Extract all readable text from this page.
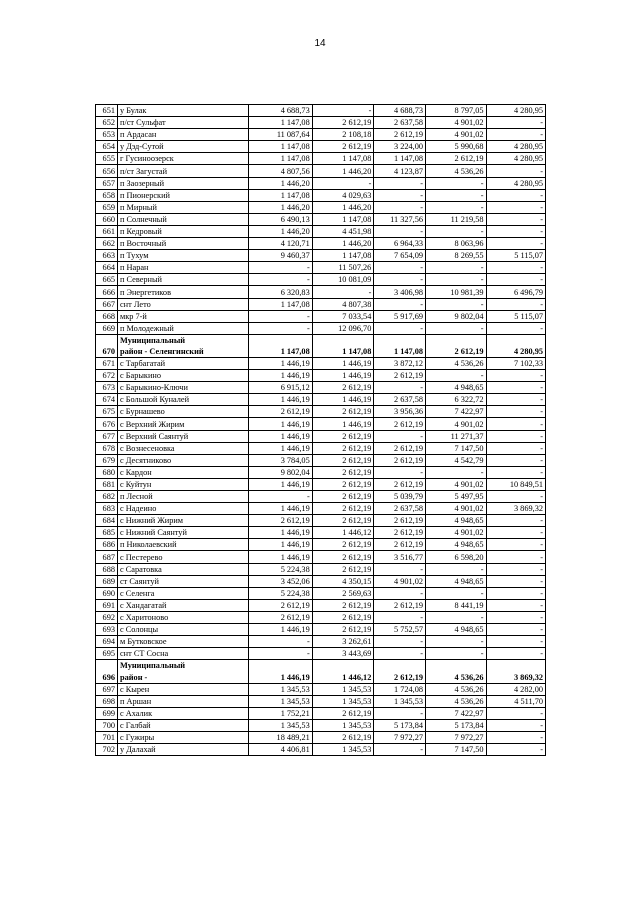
14
651	у Булак	4 688,73	-	4 688,73	8 797,05	4 280,95
652	п/ст Сульфат	1 147,08	2 612,19	2 637,58	4 901,02	-
653	п Ардасан	11 087,64	2 108,18	2 612,19	4 901,02	-
654	у Дэд-Сутой	1 147,08	2 612,19	3 224,00	5 990,68	4 280,95
655	г Гусиноозерск	1 147,08	1 147,08	1 147,08	2 612,19	4 280,95
656	п/ст Загустай	4 807,56	1 446,20	4 123,87	4 536,26	-
657	п Заозерный	1 446,20	-	-	-	4 280,95
658	п Пионерский	1 147,08	4 029,63	-	-	-
659	п Мирный	1 446,20	1 446,20	-	-	-
660	п Солнечный	6 490,13	1 147,08	11 327,56	11 219,58	-
661	п Кедровый	1 446,20	4 451,98	-	-	-
662	п Восточный	4 120,71	1 446,20	6 964,33	8 063,96	-
663	п Тухум	9 460,37	1 147,08	7 654,09	8 269,55	5 115,07
664	п Наран	-	11 507,26	-	-	-
665	п Северный	-	10 081,09	-	-	-
666	п Энергетиков	6 320,83	-	3 406,98	10 981,39	6 496,79
667	снт Лето	1 147,08	4 807,38	-	-	-
668	мкр 7-й	-	7 033,54	5 917,69	9 802,04	5 115,07
669	п Молодежный	-	12 096,70	-	-	-
670	Муниципальный	1 147,08	1 147,08	1 147,08	2 612,19	4 280,95
	район - Селенгинский					
671	с Тарбагатай	1 446,19	1 446,19	3 872,12	4 536,26	7 102,33
672	с Барыкино	1 446,19	1 446,19	2 612,19	-	-
673	с Барыкино-Ключи	6 915,12	2 612,19	-	4 948,65	-
674	с Большой Куналей	1 446,19	1 446,19	2 637,58	6 322,72	-
675	с Бурнашево	2 612,19	2 612,19	3 956,36	7 422,97	-
676	с Верхний Жирим	1 446,19	1 446,19	2 612,19	4 901,02	-
677	с Верхний Саянтуй	1 446,19	2 612,19	-	11 271,37	-
678	с Вознесеновка	1 446,19	2 612,19	2 612,19	7 147,50	-
679	с Десятниково	3 784,05	2 612,19	2 612,19	4 542,79	-
680	с Кардон	9 802,04	2 612,19	-	-	-
681	с Куйтун	1 446,19	2 612,19	2 612,19	4 901,02	10 849,51
682	п Лесной	-	2 612,19	5 039,79	5 497,95	-
683	с Надеино	1 446,19	2 612,19	2 637,58	4 901,02	3 869,32
684	с Нижний Жирим	2 612,19	2 612,19	2 612,19	4 948,65	-
685	с Нижний Саянтуй	1 446,19	1 446,12	2 612,19	4 901,02	-
686	п Николаевский	1 446,19	2 612,19	2 612,19	4 948,65	-
687	с Пестерево	1 446,19	2 612,19	3 516,77	6 598,20	-
688	с Саратовка	5 224,38	2 612,19	-	-	-
689	ст Саянтуй	3 452,06	4 350,15	4 901,02	4 948,65	-
690	с Селенга	5 224,38	2 569,63	-	-	-
691	с Хандагатай	2 612,19	2 612,19	2 612,19	8 441,19	-
692	с Харитоново	2 612,19	2 612,19	-	-	-
693	с Солонцы	1 446,19	2 612,19	5 752,57	4 948,65	-
694	м Бутковское	-	3 262,61	-	-	-
695	снт СТ Сосна	-	3 443,69	-	-	-
696	Муниципальный	1 446,19	1 446,12	2 612,19	4 536,26	3 869,32
	район -					
697	с Кырен	1 345,53	1 345,53	1 724,08	4 536,26	4 282,00
698	п Аршан	1 345,53	1 345,53	1 345,53	4 536,26	4 511,70
699	с Ахалик	1 752,21	2 612,19	-	7 422,97	-
700	с Галбай	1 345,53	1 345,53	5 173,84	5 173,84	-
701	с Гужиры	18 489,21	2 612,19	7 972,27	7 972,27	-
702	у Далахай	4 406,81	1 345,53	-	7 147,50	-
